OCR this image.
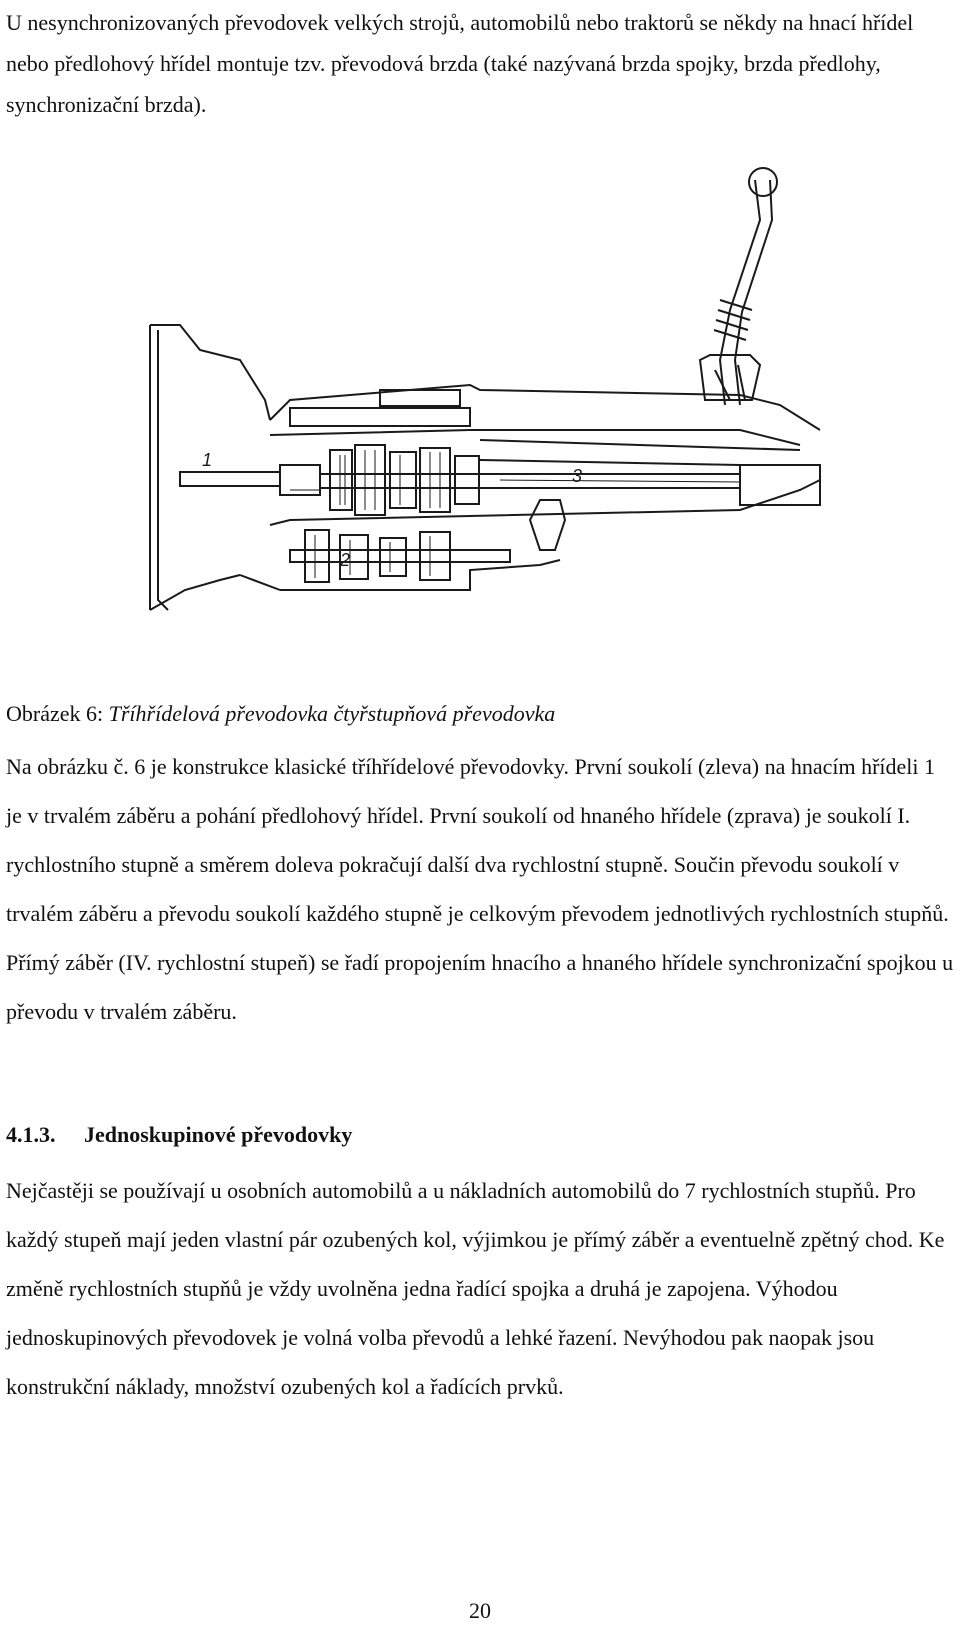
U nesynchronizovaných převodovek velkých strojů, automobilů nebo traktorů se někdy na hnací hřídel nebo předlohový hřídel montuje tzv. převodová brzda (také nazývaná brzda spojky, brzda předlohy, synchronizační brzda).

1
2
3

Obrázek 6: Tříhřídelová převodovka čtyřstupňová převodovka

Na obrázku č. 6 je konstrukce klasické tříhřídelové převodovky. První soukolí (zleva) na hnacím hřídeli 1 je v trvalém záběru a pohání předlohový hřídel. První soukolí od hnaného hřídele (zprava) je soukolí I. rychlostního stupně a směrem doleva pokračují další dva rychlostní stupně. Součin převodu soukolí v trvalém záběru a převodu soukolí každého stupně je celkovým převodem jednotlivých rychlostních stupňů. Přímý záběr (IV. rychlostní stupeň) se řadí propojením hnacího a hnaného hřídele synchronizační spojkou u převodu v trvalém záběru.

4.1.3. Jednoskupinové převodovky

Nejčastěji se používají u osobních automobilů a u nákladních automobilů do 7 rychlostních stupňů. Pro každý stupeň mají jeden vlastní pár ozubených kol, výjimkou je přímý záběr a eventuelně zpětný chod. Ke změně rychlostních stupňů je vždy uvolněna jedna řadící spojka a druhá je zapojena. Výhodou jednoskupinových převodovek je volná volba převodů a lehké řazení. Nevýhodou pak naopak jsou konstrukční náklady, množství ozubených kol a řadících prvků.

20
